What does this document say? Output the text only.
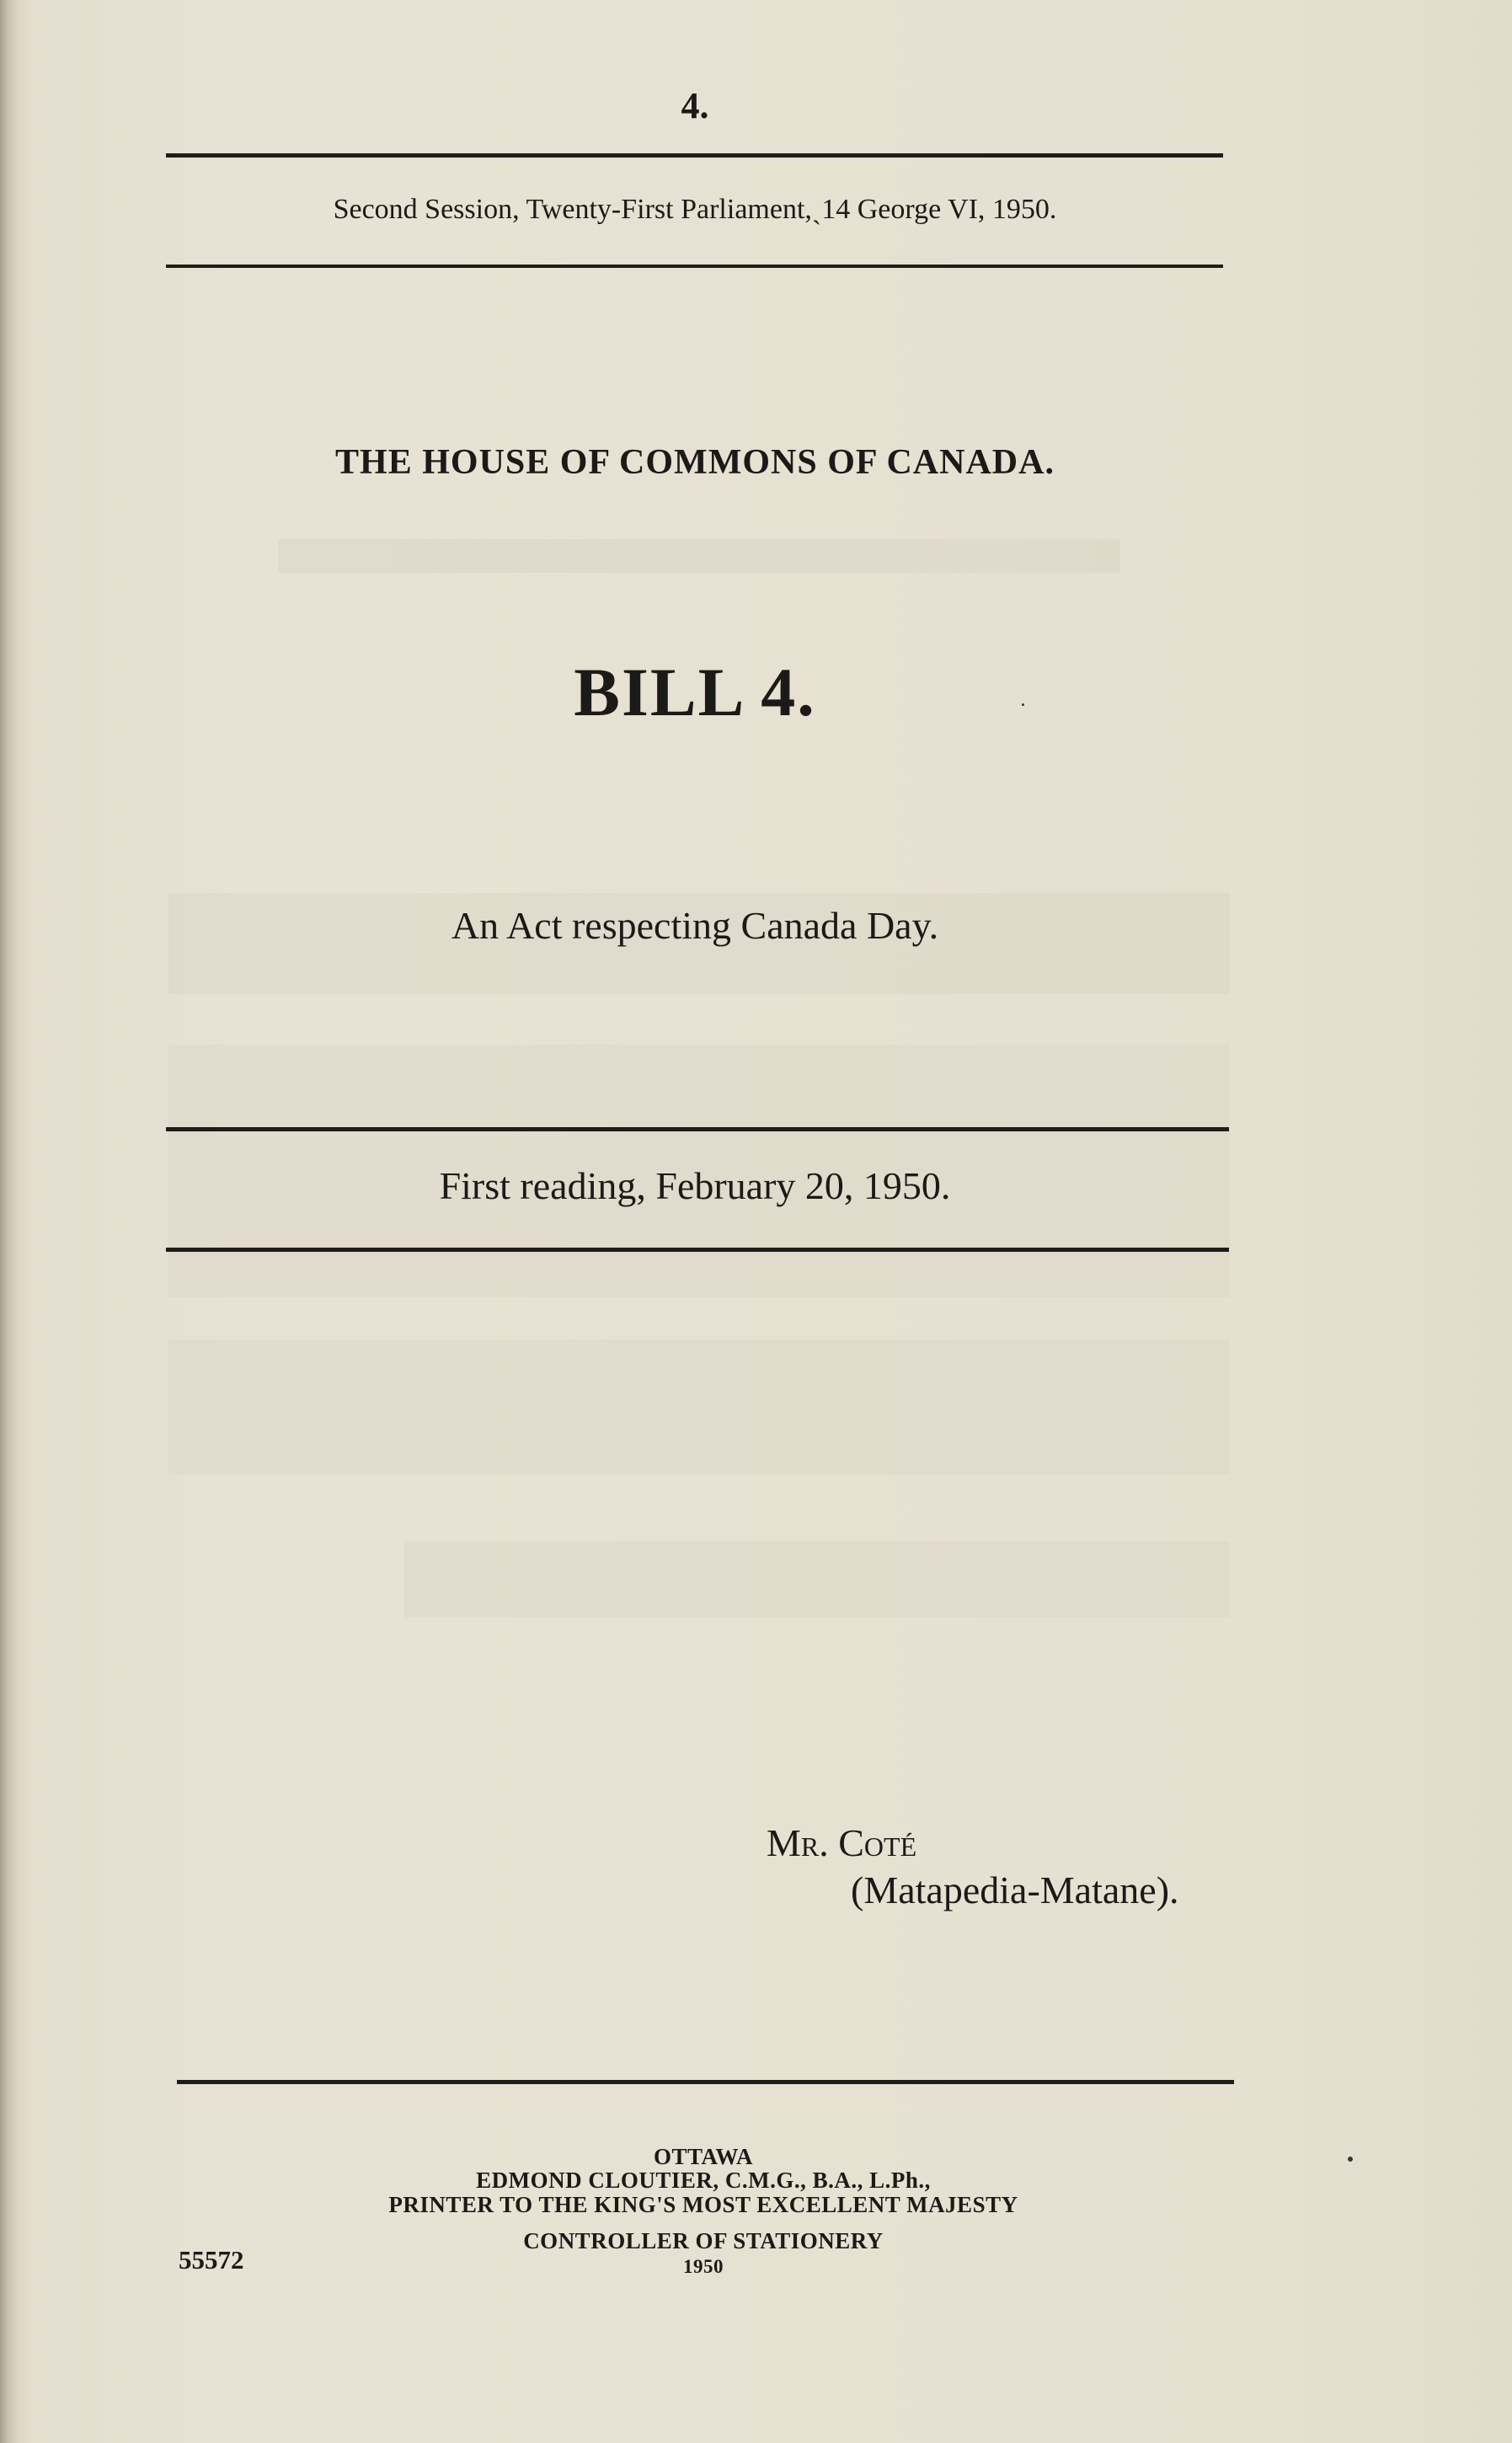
4.
Second Session, Twenty-First Parliament,ˏ14 George VI, 1950.
THE HOUSE OF COMMONS OF CANADA.
BILL 4.
An Act respecting Canada Day.
First reading, February 20, 1950.
Mr. Coté
(Matapedia-Matane).
OTTAWA
EDMOND CLOUTIER, C.M.G., B.A., L.Ph.,
PRINTER TO THE KING'S MOST EXCELLENT MAJESTY
CONTROLLER OF STATIONERY
1950
55572
